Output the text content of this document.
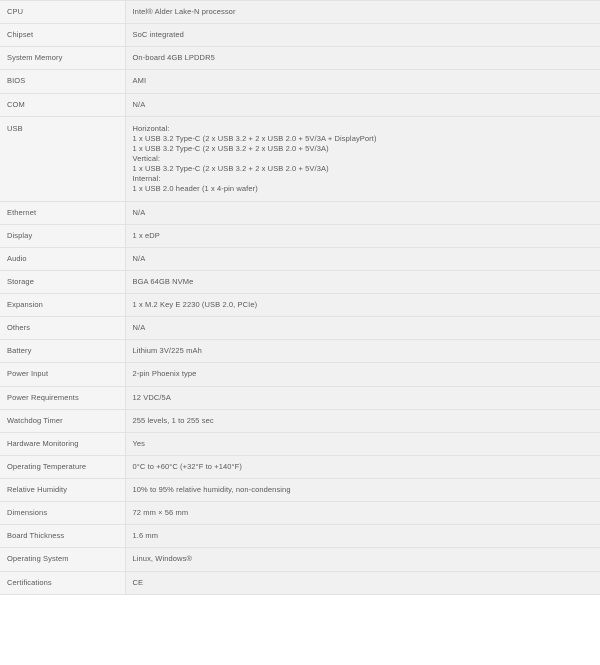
CPU	Intel® Alder Lake-N processor

Chipset	SoC integrated

System Memory	On-board 4GB LPDDR5

BIOS	AMI

COM	N/A

USB	Horizontal:
1 x USB 3.2 Type-C (2 x USB 3.2 + 2 x USB 2.0 + 5V/3A + DisplayPort)
1 x USB 3.2 Type-C (2 x USB 3.2 + 2 x USB 2.0 + 5V/3A)
Vertical:
1 x USB 3.2 Type-C (2 x USB 3.2 + 2 x USB 2.0 + 5V/3A)
Internal:
1 x USB 2.0 header (1 x 4-pin wafer)

Ethernet	N/A

Display	1 x eDP

Audio	N/A

Storage	BGA 64GB NVMe

Expansion	1 x M.2 Key E 2230 (USB 2.0, PCIe)

Others	N/A

Battery	Lithium 3V/225 mAh

Power Input	2-pin Phoenix type

Power Requirements	12 VDC/5A

Watchdog Timer	255 levels, 1 to 255 sec

Hardware Monitoring	Yes

Operating Temperature	0°C to +60°C (+32°F to +140°F)

Relative Humidity	10% to 95% relative humidity, non-condensing

Dimensions	72 mm × 56 mm

Board Thickness	1.6 mm

Operating System	Linux, Windows®

Certifications	CE
